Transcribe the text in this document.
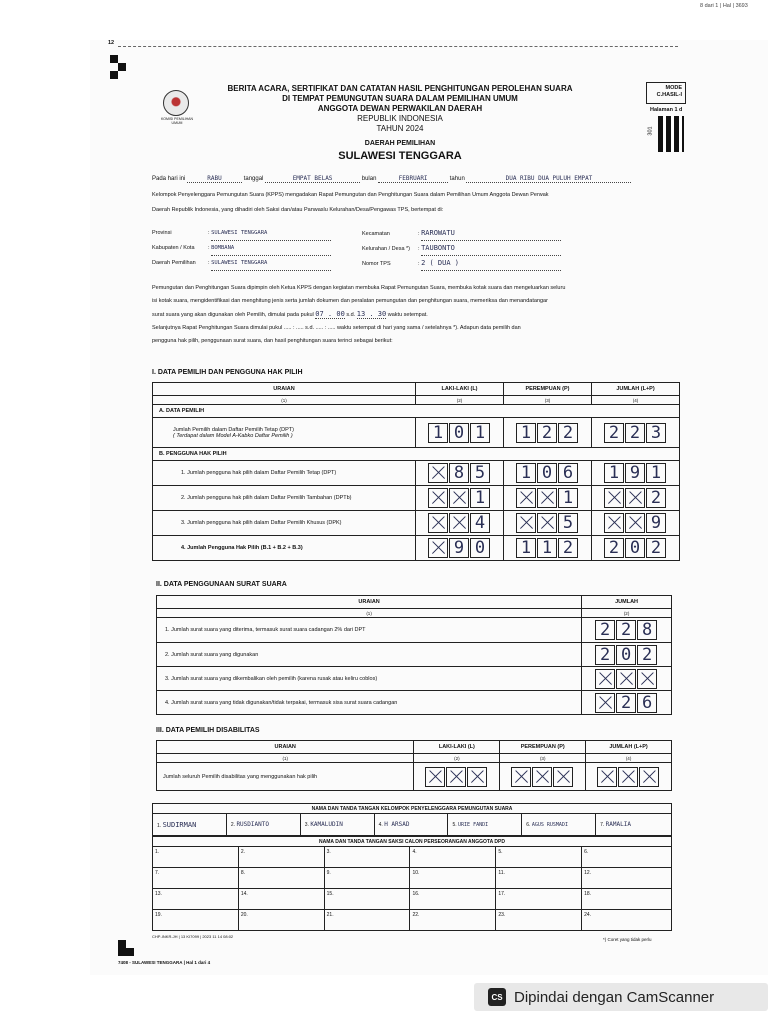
8 dari 1 | Hal | 3693
12
KOMISI PEMILIHAN UMUM
BERITA ACARA, SERTIFIKAT DAN CATATAN HASIL PENGHITUNGAN PEROLEHAN SUARA
DI TEMPAT PEMUNGUTAN SUARA DALAM PEMILIHAN UMUM
ANGGOTA DEWAN PERWAKILAN DAERAH
REPUBLIK INDONESIA
TAHUN 2024
DAERAH PEMILIHAN
SULAWESI TENGGARA
MODE C.HASIL-I
Halaman 1 d
301
Pada hari ini	RABU	tanggal	EMPAT BELAS	bulan	FEBRUARI	tahun	DUA RIBU DUA PULUH EMPAT
Kelompok Penyelenggara Pemungutan Suara (KPPS) mengadakan Rapat Pemungutan dan Penghitungan Suara dalam Pemilihan Umum Anggota Dewan Perwak
Daerah Republik Indonesia, yang dihadiri oleh Saksi dan/atau Panwaslu Kelurahan/Desa/Pengawas TPS, bertempat di:
Provinsi	: SULAWESI TENGGARA
Kabupaten / Kota : BOMBANA
Daerah Pemilihan : SULAWESI TENGGARA
Kecamatan	: RAROWATU
Kelurahan / Desa *) : TAUBONTO
Nomor TPS	: 2 ( DUA )
Pemungutan dan Penghitungan Suara dipimpin oleh Ketua KPPS dengan kegiatan membuka Rapat Pemungutan Suara, membuka kotak suara dan mengeluarkan seluru
isi kotak suara, mengidentifikasi dan menghitung jenis serta jumlah dokumen dan peralatan pemungutan dan penghitungan suara, memeriksa dan menandatangar
surat suara yang akan digunakan oleh Pemilih, dimulai pada pukul 07 . 00 s.d. 13 . 30 waktu setempat.
Selanjutnya Rapat Penghitungan Suara dimulai pukul ..... : ..... s.d. ..... : ..... waktu setempat di hari yang sama / setelahnya *). Adapun data pemilih dan
pengguna hak pilih, penggunaan surat suara, dan hasil penghitungan suara terinci sebagai berikut:
I. DATA PEMILIH DAN PENGGUNA HAK PILIH
URAIAN	LAKI-LAKI (L)	PEREMPUAN (P)	JUMLAH (L+P)
(1)	(2)	(3)	(4)
A. DATA PEMILIH			

Jumlah Pemilih dalam Daftar Pemilih Tetap (DPT)
( Terdapat dalam Model A-Kabko Daftar Pemilih )	1 0 1	1 2 2	2 2 3
B. PENGGUNA HAK PILIH			
1. Jumlah pengguna hak pilih dalam Daftar Pemilih Tetap (DPT)	8 5	1 0 6	1 9 1
2. Jumlah pengguna hak pilih dalam Daftar Pemilih Tambahan (DPTb)	1	1	2
3. Jumlah pengguna hak pilih dalam Daftar Pemilih Khusus (DPK)	4	5	9
4. Jumlah Pengguna Hak Pilih (B.1 + B.2 + B.3)	9 0	1 1 2	2 0 2
II. DATA PENGGUNAAN SURAT SUARA
URAIAN	JUMLAH
(1)	(2)
1. Jumlah surat suara yang diterima, termasuk surat suara cadangan 2% dari DPT	2 2 8
2. Jumlah surat suara yang digunakan	2 0 2
3. Jumlah surat suara yang dikembalikan oleh pemilih (karena rusak atau keliru coblos)	
4. Jumlah surat suara yang tidak digunakan/tidak terpakai, termasuk sisa surat suara cadangan	2 6
III. DATA PEMILIH DISABILITAS
URAIAN	LAKI-LAKI (L)	PEREMPUAN (P)	JUMLAH (L+P)
(1)	(2)	(3)	(4)
Jumlah seluruh Pemilih disabilitas yang menggunakan hak pilih			
NAMA DAN TANDA TANGAN KELOMPOK PENYELENGGARA PEMUNGUTAN SUARA
1. SUDIRMAN	2. RUSDIANTO	3. KAMALUDIN	4. H ARSAD	5. URIE FANDI	6. AGUS RUSMADI	7. RAMALIA
NAMA DAN TANDA TANGAN SAKSI CALON PERSEORANGAN ANGGOTA DPD					
1.	2.	3.	4.	5.	6.
7.	8.	9.	10.	11.	12.
13.	14.	15.	16.	17.	18.
19.	20.	21.	22.	23.	24.
CHP-INKR-JH | 13 KI7099 | 2023 11 14 08:02
*) Coret yang tidak perlu
7408 - SULAWESI TENGGARA | Hal 1 dari 4
CS Dipindai dengan CamScanner
